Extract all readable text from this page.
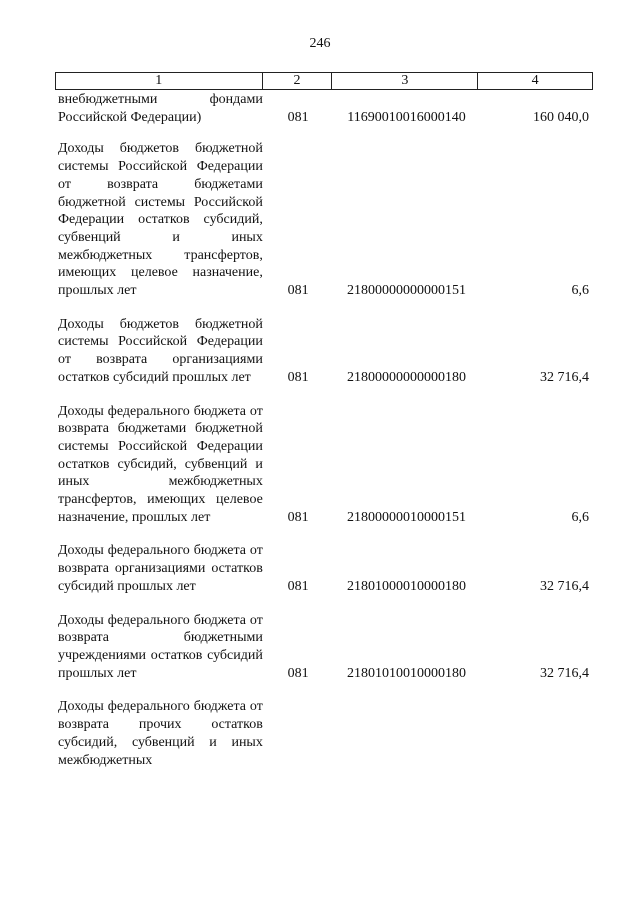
246
1	2	3	4
внебюджетными фондами Российской Федерации)	081	11690010016000140	160 040,0
Доходы бюджетов бюджетной системы Российской Федерации от возврата бюджетами бюджетной системы Российской Федерации остатков субсидий, субвенций и иных межбюджетных трансфертов, имеющих целевое назначение, прошлых лет	081	21800000000000151	6,6
Доходы бюджетов бюджетной системы Российской Федерации от возврата организациями остатков субсидий прошлых лет	081	21800000000000180	32 716,4
Доходы федерального бюджета от возврата бюджетами бюджетной системы Российской Федерации остатков субсидий, субвенций и иных межбюджетных трансфертов, имеющих целевое назначение, прошлых лет	081	21800000010000151	6,6
Доходы федерального бюджета от возврата организациями остатков субсидий прошлых лет	081	21801000010000180	32 716,4
Доходы федерального бюджета от возврата бюджетными учреждениями остатков субсидий прошлых лет	081	21801010010000180	32 716,4
Доходы федерального бюджета от возврата прочих остатков субсидий, субвенций и иных межбюджетных
